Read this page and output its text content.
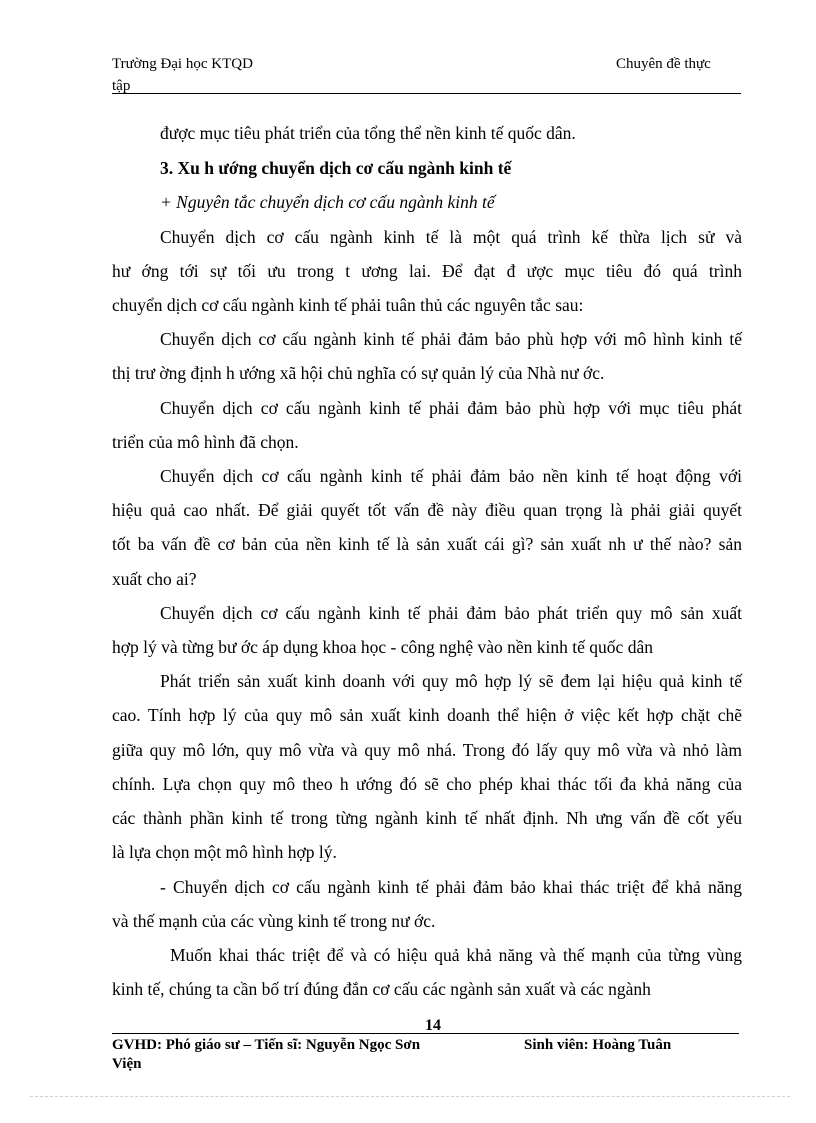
Trường Đại học KTQD
tập
Chuyên đề thực
được mục tiêu phát triển của tổng thể nền kinh tế quốc dân.
3. Xu h ướng chuyển dịch cơ cấu ngành kinh tế
+ Nguyên tắc chuyển dịch cơ cấu ngành kinh tế
Chuyển dịch cơ cấu ngành kinh tế là một quá trình kế thừa lịch sử và
hư ớng tới sự tối ưu trong t ương lai. Để đạt đ ược mục tiêu đó quá trình
chuyển dịch cơ cấu ngành kinh tế phải tuân thủ các nguyên tắc sau:
Chuyển dịch cơ cấu ngành kinh tế phải đảm bảo phù hợp với mô hình kinh tế
thị trư ờng định h ướng xã hội chủ nghĩa có sự quản lý của Nhà nư ớc.
Chuyển dịch cơ cấu ngành kinh tế phải đảm bảo phù hợp với mục tiêu phát
triển của mô hình đã chọn.
Chuyển dịch cơ cấu ngành kinh tế phải đảm bảo nền kinh tế hoạt động với
hiệu quả cao nhất. Để giải quyết tốt vấn đề này điều quan trọng là phải giải quyết
tốt ba vấn đề cơ bản của nền kinh tế là sản xuất cái gì? sản xuất nh ư thế nào? sản
xuất cho ai?
Chuyển dịch cơ cấu ngành kinh tế phải đảm bảo phát triển quy mô sản xuất
hợp lý và từng bư ớc áp dụng khoa học - công nghệ vào nền kinh tế quốc dân
Phát triển sản xuất kinh doanh với quy mô hợp lý sẽ đem lại hiệu quả kinh tế
cao. Tính hợp lý của quy mô sản xuất kinh doanh thể hiện ở việc kết hợp chặt chẽ
giữa quy mô lớn, quy mô vừa và quy mô nhá. Trong đó lấy quy mô vừa và nhỏ làm
chính. Lựa chọn quy mô theo h ướng đó sẽ cho phép khai thác tối đa khả năng của
các thành phần kinh tế trong từng ngành kinh tế nhất định. Nh ưng vấn đề cốt yếu
là lựa chọn một mô hình hợp lý.
- Chuyển dịch cơ cấu ngành kinh tế phải đảm bảo khai thác triệt để khả năng
và thế mạnh của các vùng kinh tế trong nư ớc.
Muốn khai thác triệt để và có hiệu quả khả năng và thế mạnh của từng vùng
kinh tế, chúng ta cần bố trí đúng đắn cơ cấu các ngành sản xuất và các ngành
14
GVHD: Phó giáo sư – Tiến sĩ: Nguyễn Ngọc Sơn
Viện
Sinh viên: Hoàng Tuân
